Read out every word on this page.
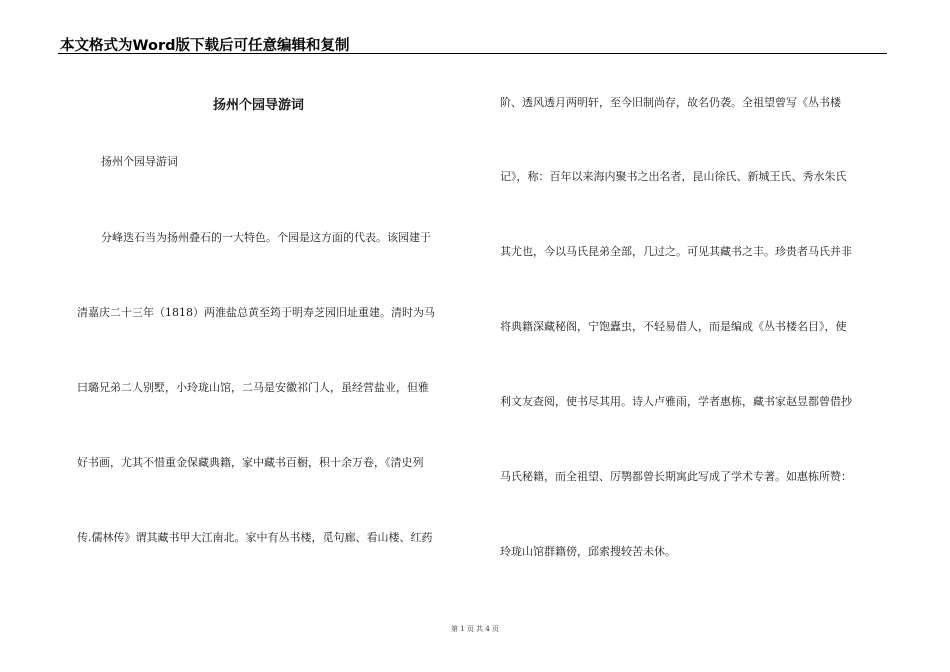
本文格式为Word版下载后可任意编辑和复制
扬州个园导游词
扬州个园导游词
分峰迭石当为扬州叠石的一大特色。个园是这方面的代表。该园建于
清嘉庆二十三年（1818）两淮盐总黄至筠于明寿芝园旧址重建。清时为马
曰璐兄弟二人别墅，小玲珑山馆，二马是安徽祁门人，虽经营盐业，但雅
好书画，尤其不惜重金保藏典籍，家中藏书百橱，积十余万卷，《清史列
传.儒林传》谓其藏书甲大江南北。家中有丛书楼，觅句廊、看山楼、红药
阶、透风透月两明轩，至今旧制尚存，故名仍袭。全祖望曾写《丛书楼
记》，称：百年以来海内聚书之出名者，昆山徐氏、新城王氏、秀水朱氏
其尤也，今以马氏昆弟全部，几过之。可见其藏书之丰。珍贵者马氏并非
将典籍深藏秘阁，宁饱蠹虫，不轻易借人，而是编成《丛书楼名目》，使
利文友查阅，使书尽其用。诗人卢雅雨，学者惠栋，藏书家赵昱都曾借抄
马氏秘籍，而全祖望、厉鹗都曾长期寓此写成了学术专著。如惠栋所赞：
玲珑山馆群籍傍，邱索搜较苦未休。
第 1 页 共 4 页
